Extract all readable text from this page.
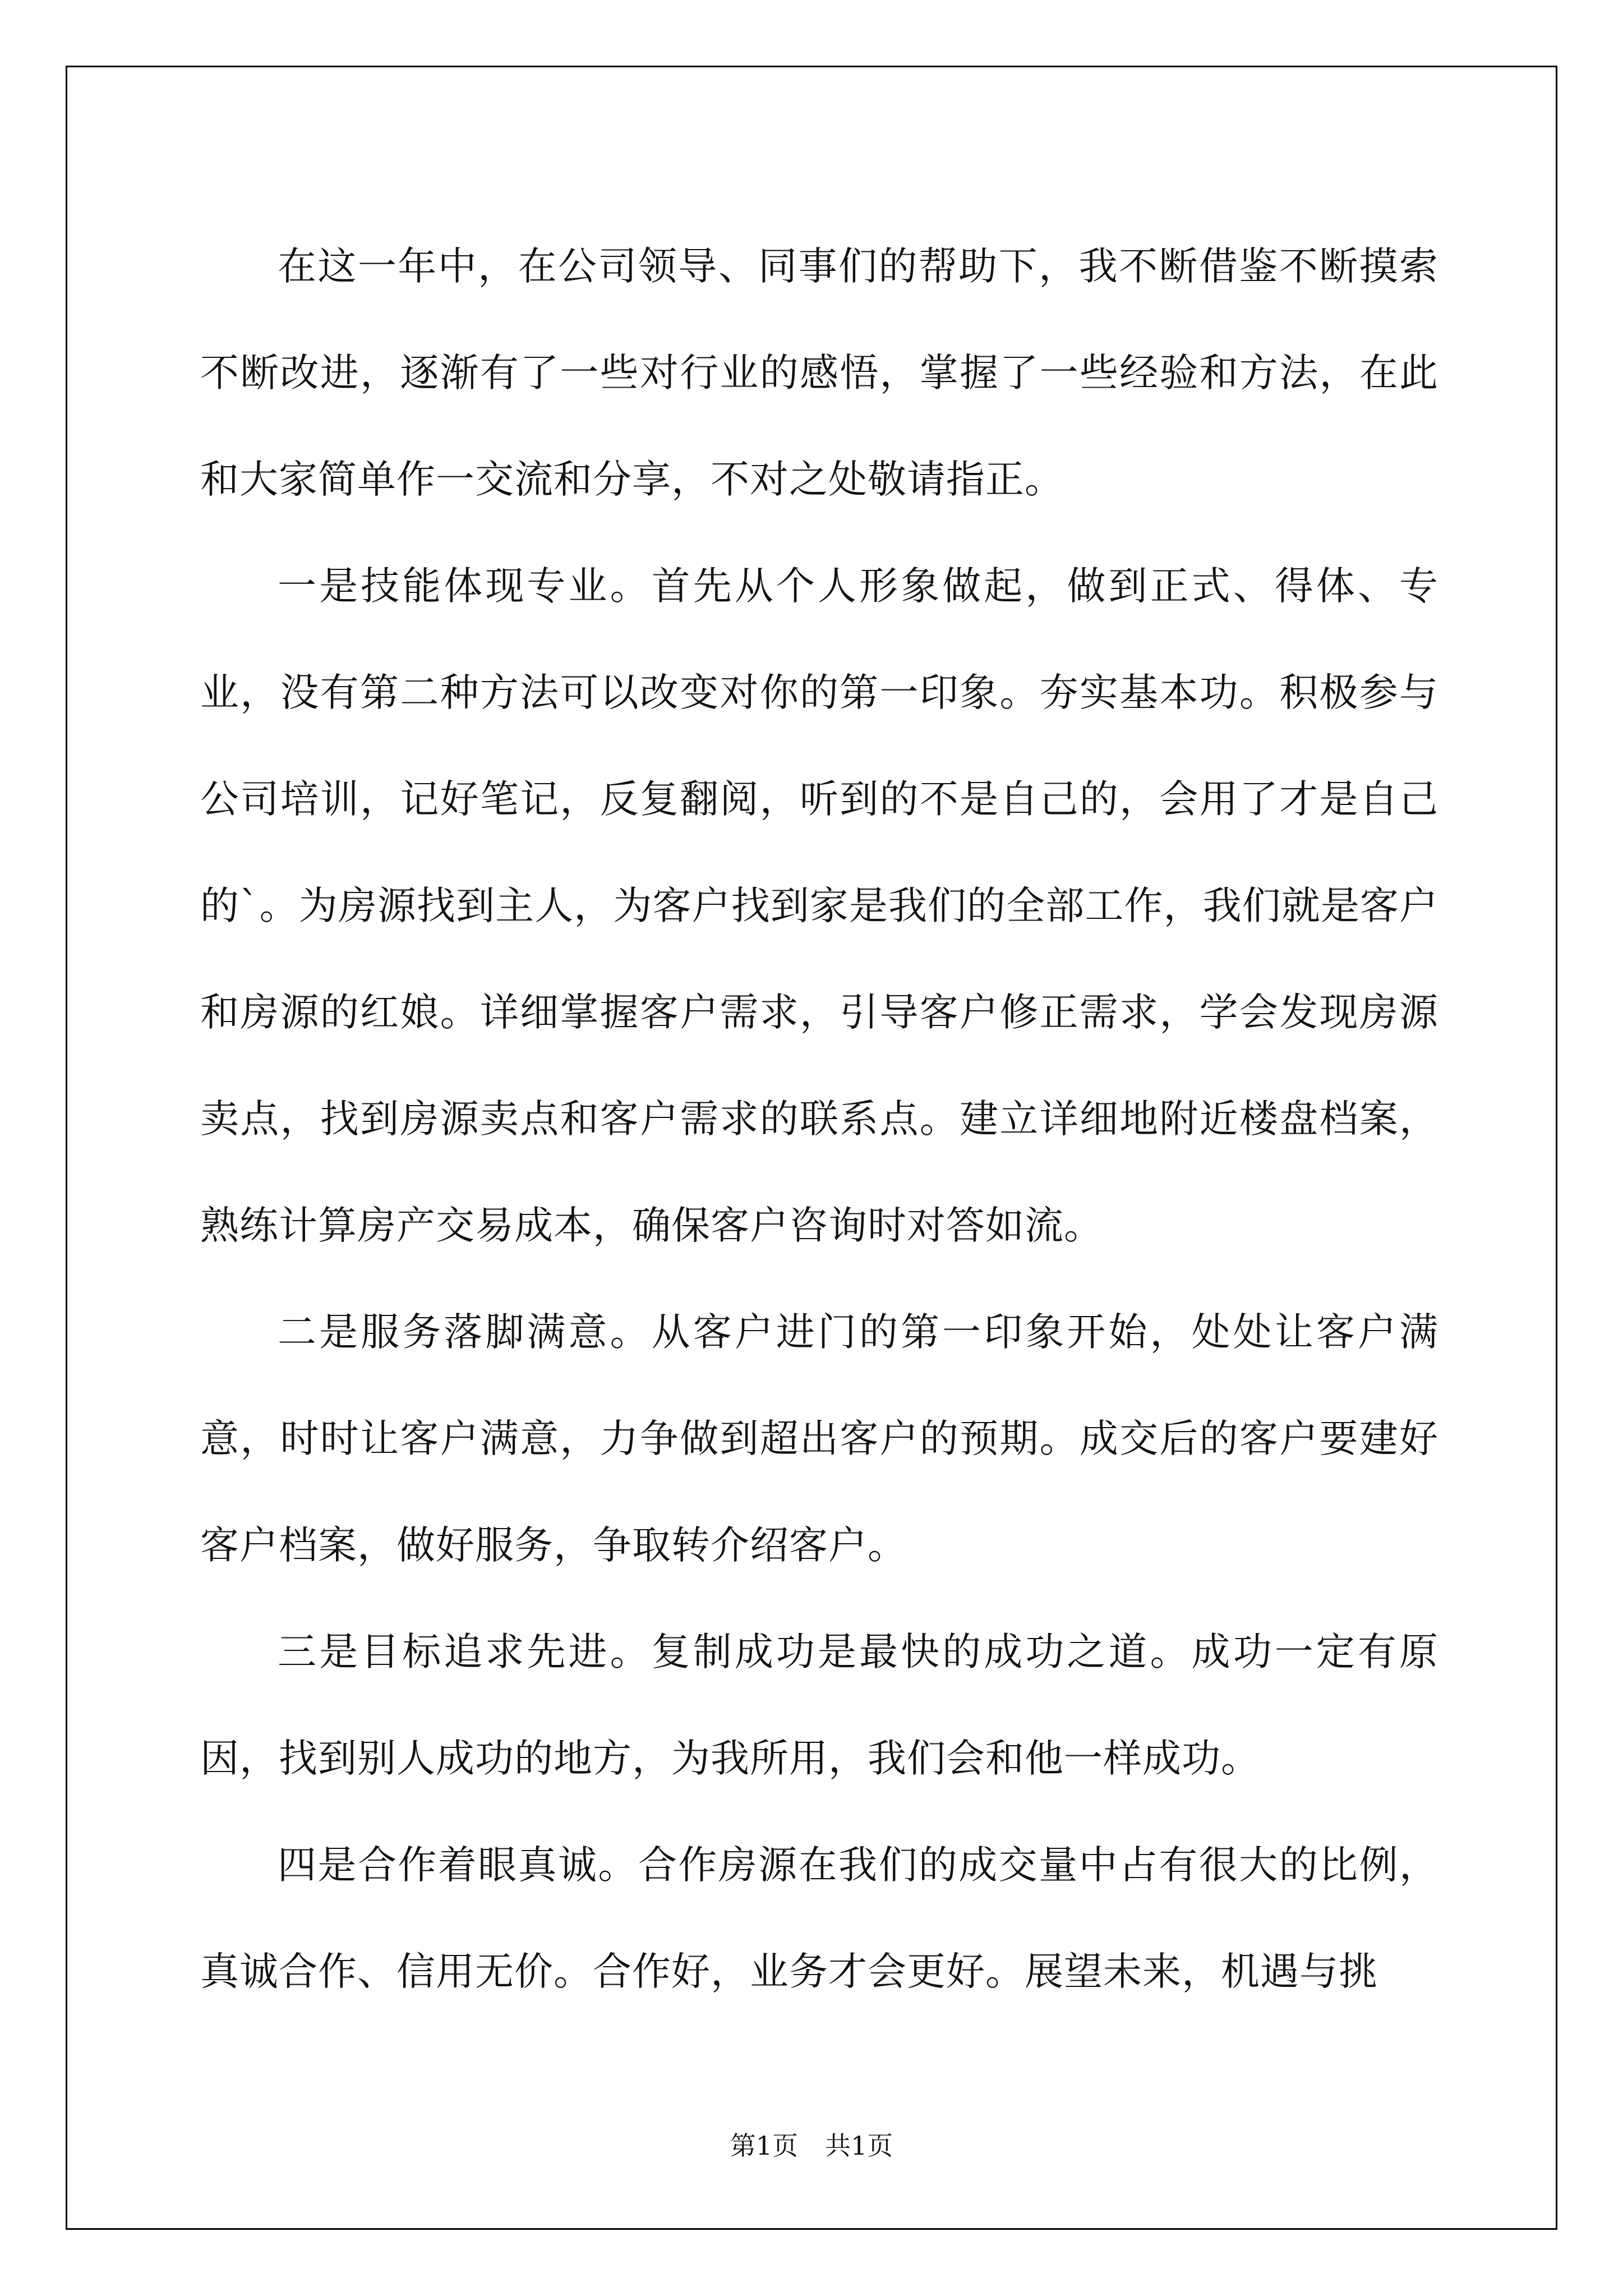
在这一年中，在公司领导、同事们的帮助下，我不断借鉴不断摸索不断改进，逐渐有了一些对行业的感悟，掌握了一些经验和方法，在此和大家简单作一交流和分享，不对之处敬请指正。

一是技能体现专业。首先从个人形象做起，做到正式、得体、专业，没有第二种方法可以改变对你的第一印象。夯实基本功。积极参与公司培训，记好笔记，反复翻阅，听到的不是自己的，会用了才是自己的`。为房源找到主人，为客户找到家是我们的全部工作，我们就是客户和房源的红娘。详细掌握客户需求，引导客户修正需求，学会发现房源卖点，找到房源卖点和客户需求的联系点。建立详细地附近楼盘档案，熟练计算房产交易成本，确保客户咨询时对答如流。

二是服务落脚满意。从客户进门的第一印象开始，处处让客户满意，时时让客户满意，力争做到超出客户的预期。成交后的客户要建好客户档案，做好服务，争取转介绍客户。

三是目标追求先进。复制成功是最快的成功之道。成功一定有原因，找到别人成功的地方，为我所用，我们会和他一样成功。

四是合作着眼真诚。合作房源在我们的成交量中占有很大的比例，真诚合作、信用无价。合作好，业务才会更好。展望未来，机遇与挑

第1页 共1页
